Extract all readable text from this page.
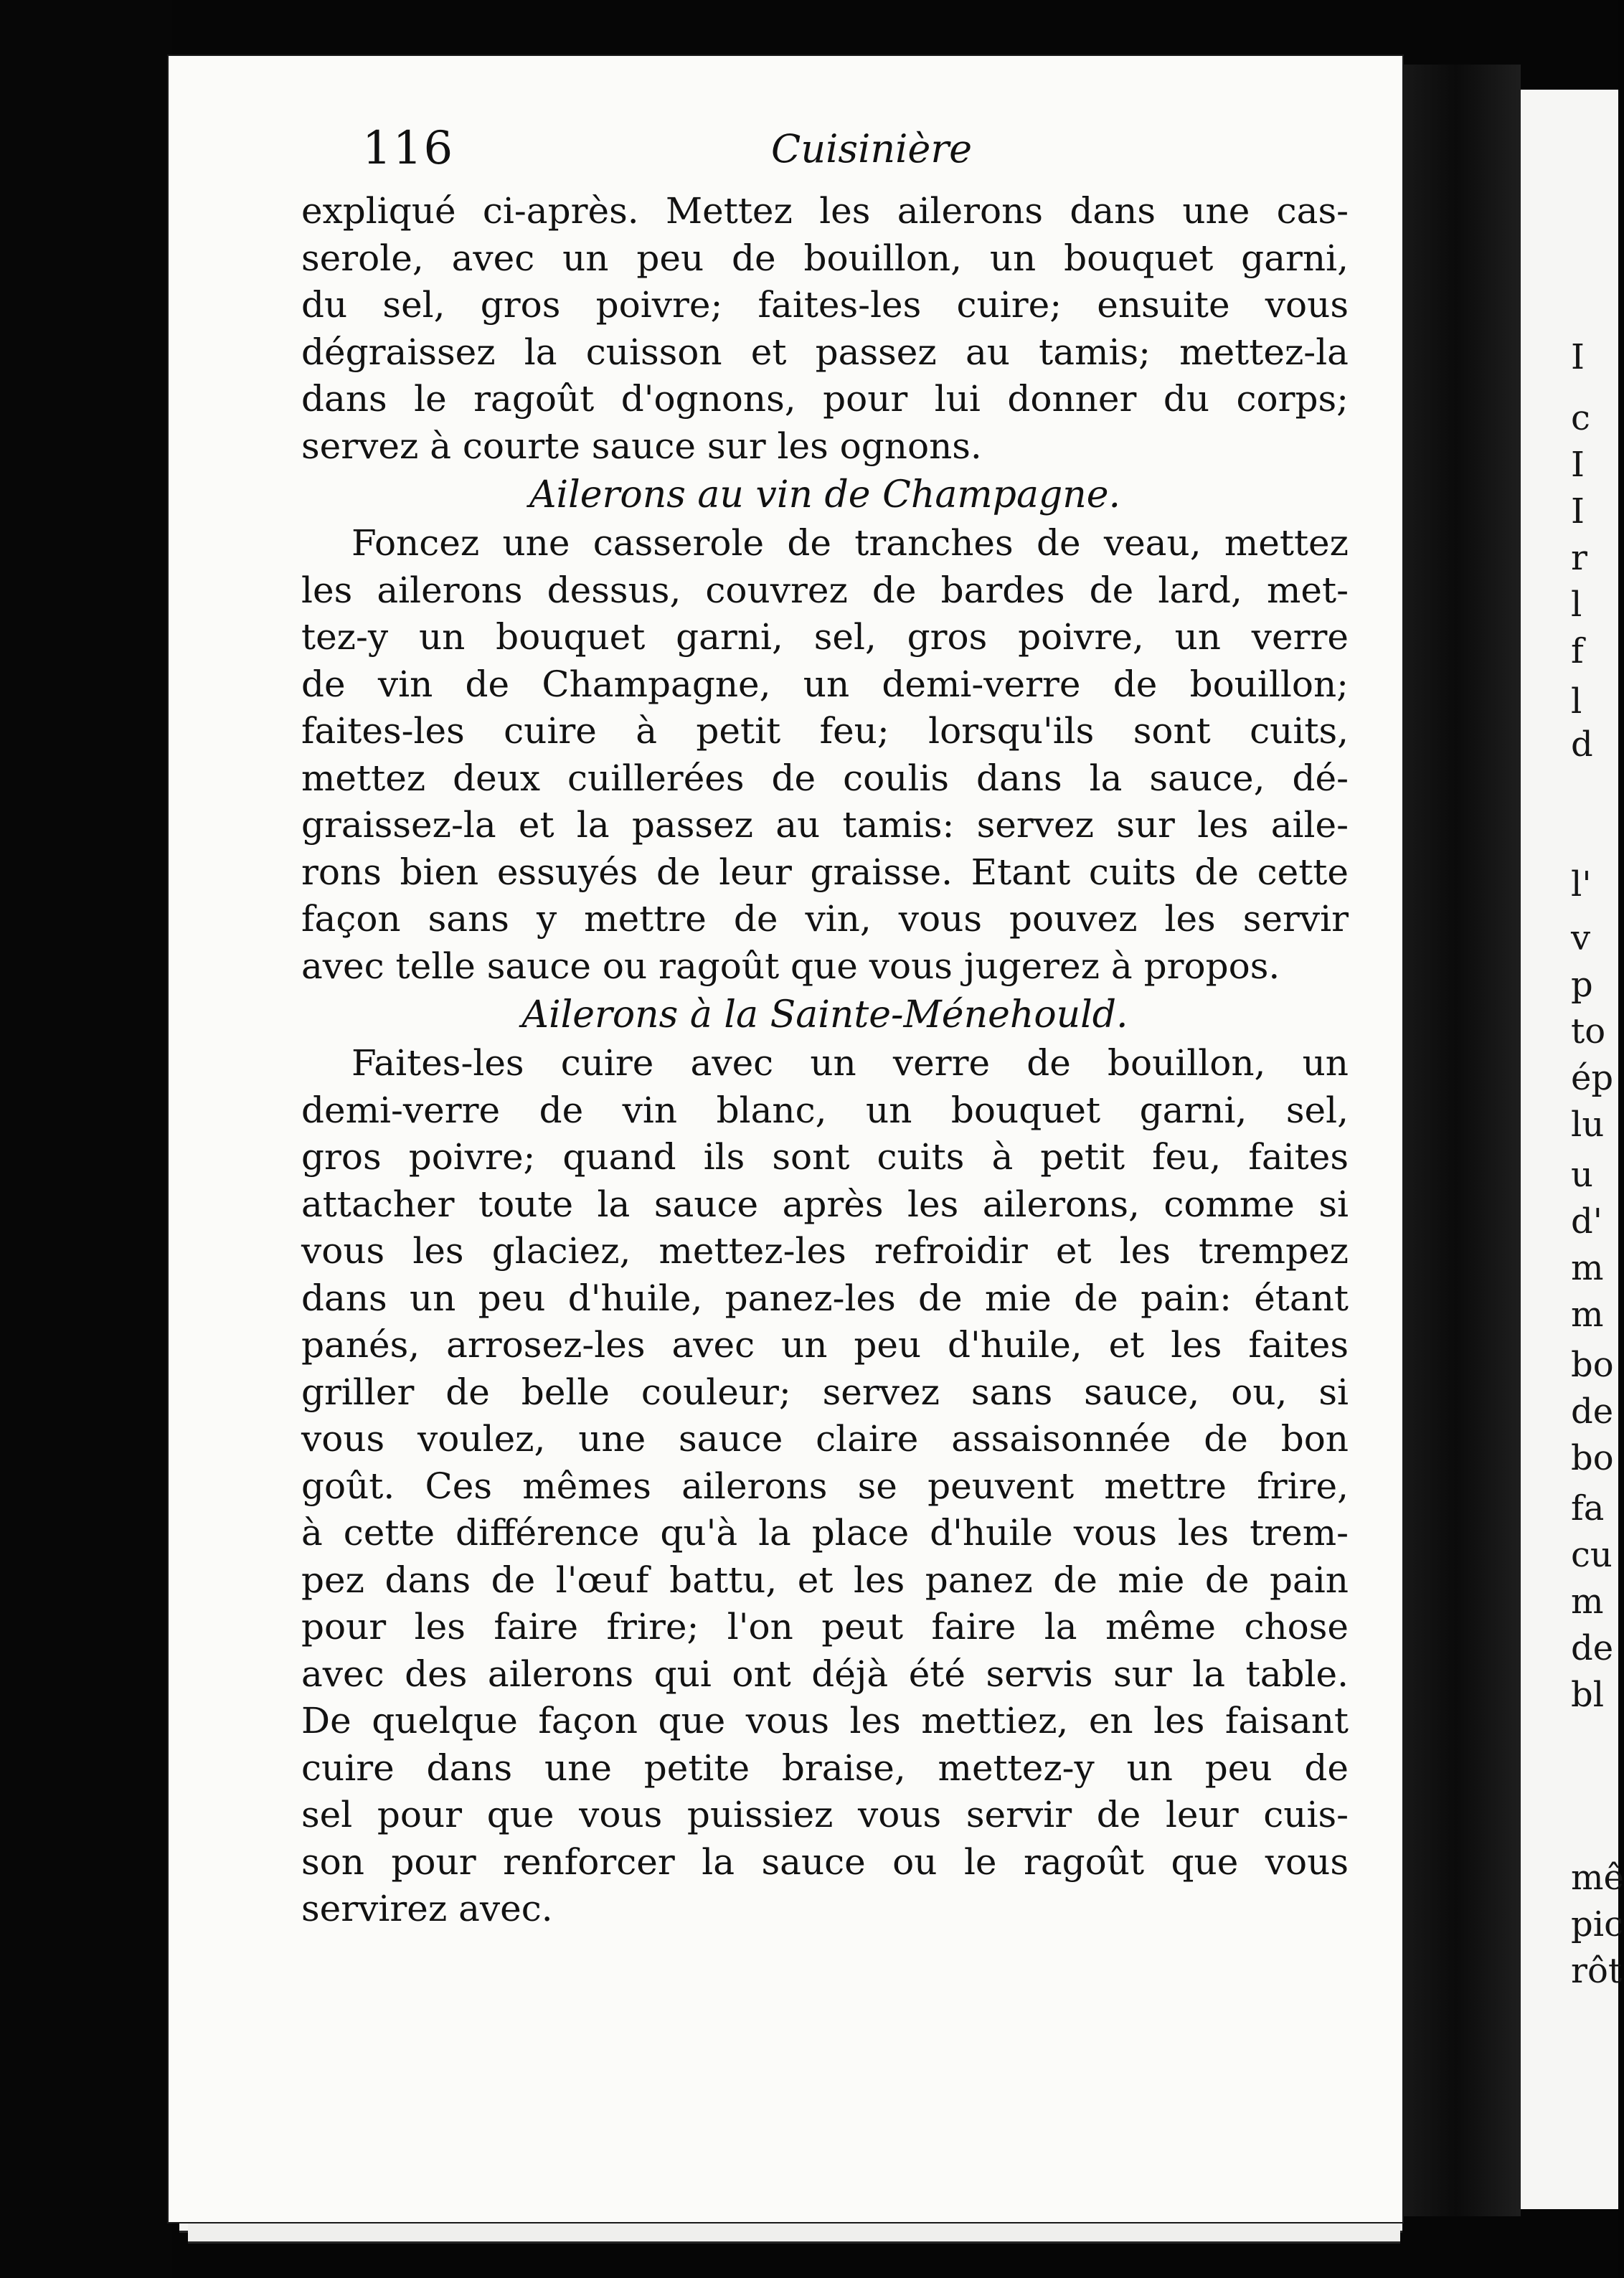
116	Cuisinière
expliqué ci-après. Mettez les ailerons dans une cas-
serole, avec un peu de bouillon, un bouquet garni,
du sel, gros poivre; faites-les cuire; ensuite vous
dégraissez la cuisson et passez au tamis; mettez-la
dans le ragoût d'ognons, pour lui donner du corps;
servez à courte sauce sur les ognons.
Ailerons au vin de Champagne.
Foncez une casserole de tranches de veau, mettez
les ailerons dessus, couvrez de bardes de lard, met-
tez-y un bouquet garni, sel, gros poivre, un verre
de vin de Champagne, un demi-verre de bouillon;
faites-les cuire à petit feu; lorsqu'ils sont cuits,
mettez deux cuillerées de coulis dans la sauce, dé-
graissez-la et la passez au tamis: servez sur les aile-
rons bien essuyés de leur graisse. Etant cuits de cette
façon sans y mettre de vin, vous pouvez les servir
avec telle sauce ou ragoût que vous jugerez à propos.
Ailerons à la Sainte-Ménehould.
Faites-les cuire avec un verre de bouillon, un
demi-verre de vin blanc, un bouquet garni, sel,
gros poivre; quand ils sont cuits à petit feu, faites
attacher toute la sauce après les ailerons, comme si
vous les glaciez, mettez-les refroidir et les trempez
dans un peu d'huile, panez-les de mie de pain: étant
panés, arrosez-les avec un peu d'huile, et les faites
griller de belle couleur; servez sans sauce, ou, si
vous voulez, une sauce claire assaisonnée de bon
goût. Ces mêmes ailerons se peuvent mettre frire,
à cette différence qu'à la place d'huile vous les trem-
pez dans de l'œuf battu, et les panez de mie de pain
pour les faire frire; l'on peut faire la même chose
avec des ailerons qui ont déjà été servis sur la table.
De quelque façon que vous les mettiez, en les faisant
cuire dans une petite braise, mettez-y un peu de
sel pour que vous puissiez vous servir de leur cuis-
son pour renforcer la sauce ou le ragoût que vous
servirez avec.
I
c
I
I
r
l
f
l
d
l'
v
p
to
ép
lu
u
d'
m
m
bo
de
bo
fa
cu
m
de
bl
mê
pic
rôt
